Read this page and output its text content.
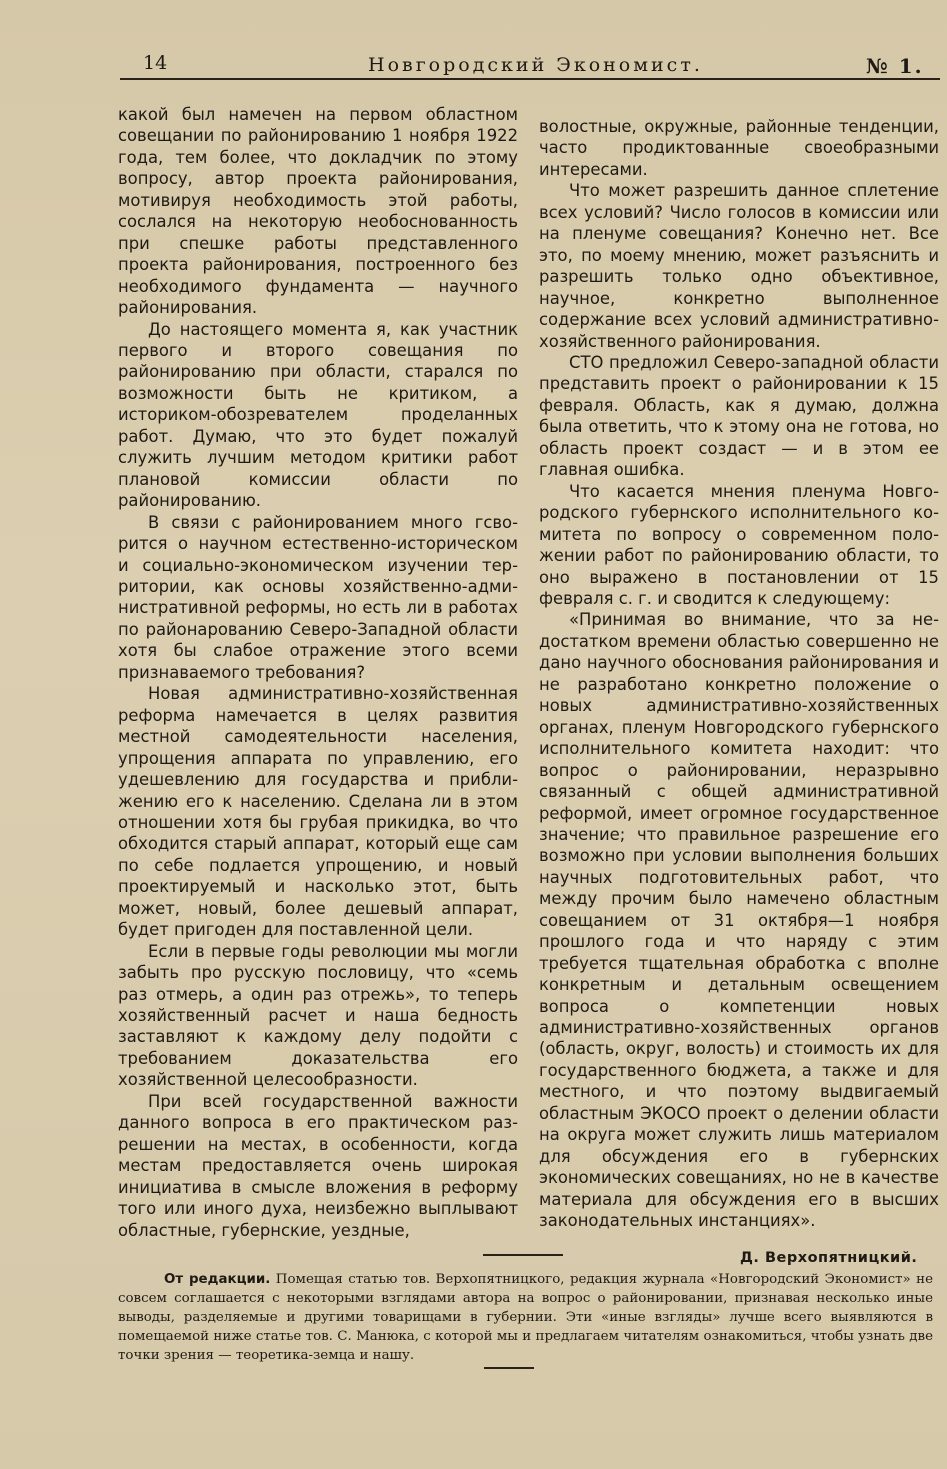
14	Новгородский Экономист.	№ 1.

какой был намечен на первом областном совещании по районированию 1 ноября 1922 года, тем более, что докладчик по этому вопросу, автор проекта районирования, мотивируя необходимость этой работы, сослался на некоторую необоснованность при спешке работы представленного проекта районирования, построенного без необходимого фундамента — научного районирования.

До настоящего момента я, как участник первого и второго совещания по районированию при области, старался по возможности быть не критиком, а историком-обозревателем проделанных работ. Думаю, что это будет пожалуй служить лучшим методом критики работ плановой комиссии области по районированию.

В связи с районированием много гсворится о научном естественно-историческом и социально-экономическом изучении территории, как основы хозяйственно-административной реформы, но есть ли в работах по районарованию Северо-Западной области хотя бы слабое отражение этого всеми признаваемого требования?

Новая административно-хозяйственная реформа намечается в целях развития местной самодеятельности населения, упрощения аппарата по управлению, его удешевлению для государства и приближению его к населению. Сделана ли в этом отношении хотя бы грубая прикидка, во что обходится старый аппарат, который еще сам по себе подлается упрощению, и новый проектируемый и насколько этот, быть может, новый, более дешевый аппарат, будет пригоден для поставленной цели.

Если в первые годы революции мы могли забыть про русскую пословицу, что «семь раз отмерь, а один раз отрежь», то теперь хозяйственный расчет и наша бедность заставляют к каждому делу подойти с требованием доказательства его хозяйственной целесообразности.

При всей государственной важности данного вопроса в его практическом разрешении на местах, в особенности, когда местам предоставляется очень широкая инициатива в смысле вложения в реформу того или иного духа, неизбежно выплывают областные, губернские, уездные,

волостные, окружные, районные тенденции, часто продиктованные своеобразными интересами.

Что может разрешить данное сплетение всех условий? Число голосов в комиссии или на пленуме совещания? Конечно нет. Все это, по моему мнению, может разъяснить и разрешить только одно объективное, научное, конкретно выполненное содержание всех условий административно-хозяйственного районирования.

СТО предложил Северо-западной области представить проект о районировании к 15 февраля. Область, как я думаю, должна была ответить, что к этому она не готова, но область проект создаст — и в этом ее главная ошибка.

Что касается мнения пленума Новгородского губернского исполнительного комитета по вопросу о современном положении работ по районированию области, то оно выражено в постановлении от 15 февраля с. г. и сводится к следующему:

«Принимая во внимание, что за недостатком времени областью совершенно не дано научного обоснования районирования и не разработано конкретно положение о новых административно-хозяйственных органах, пленум Новгородского губернского исполнительного комитета находит: что вопрос о районировании, неразрывно связанный с общей административной реформой, имеет огромное государственное значение; что правильное разрешение его возможно при условии выполнения больших научных подготовительных работ, что между прочим было намечено областным совещанием от 31 октября—1 ноября прошлого года и что наряду с этим требуется тщательная обработка с вполне конкретным и детальным освещением вопроса о компетенции новых административно-хозяйственных органов (область, округ, волость) и стоимость их для государственного бюджета, а также и для местного, и что поэтому выдвигаемый областным ЭКОСО проект о делении области на округа может служить лишь материалом для обсуждения его в губернских экономических совещаниях, но не в качестве материала для обсуждения его в высших законодательных инстанциях».

Д. Верхопятницкий.
От редакции. Помещая статью тов. Верхопятницкого, редакция журнала «Новгородский Экономист» не совсем соглашается с некоторыми взглядами автора на вопрос о районировании, признавая несколько иные выводы, разделяемые и другими товарищами в губернии. Эти «иные взгляды» лучше всего выявляются в помещаемой ниже статье тов. С. Манюка, с которой мы и предлагаем читателям ознакомиться, чтобы узнать две точки зрения — теоретика-земца и нашу.
